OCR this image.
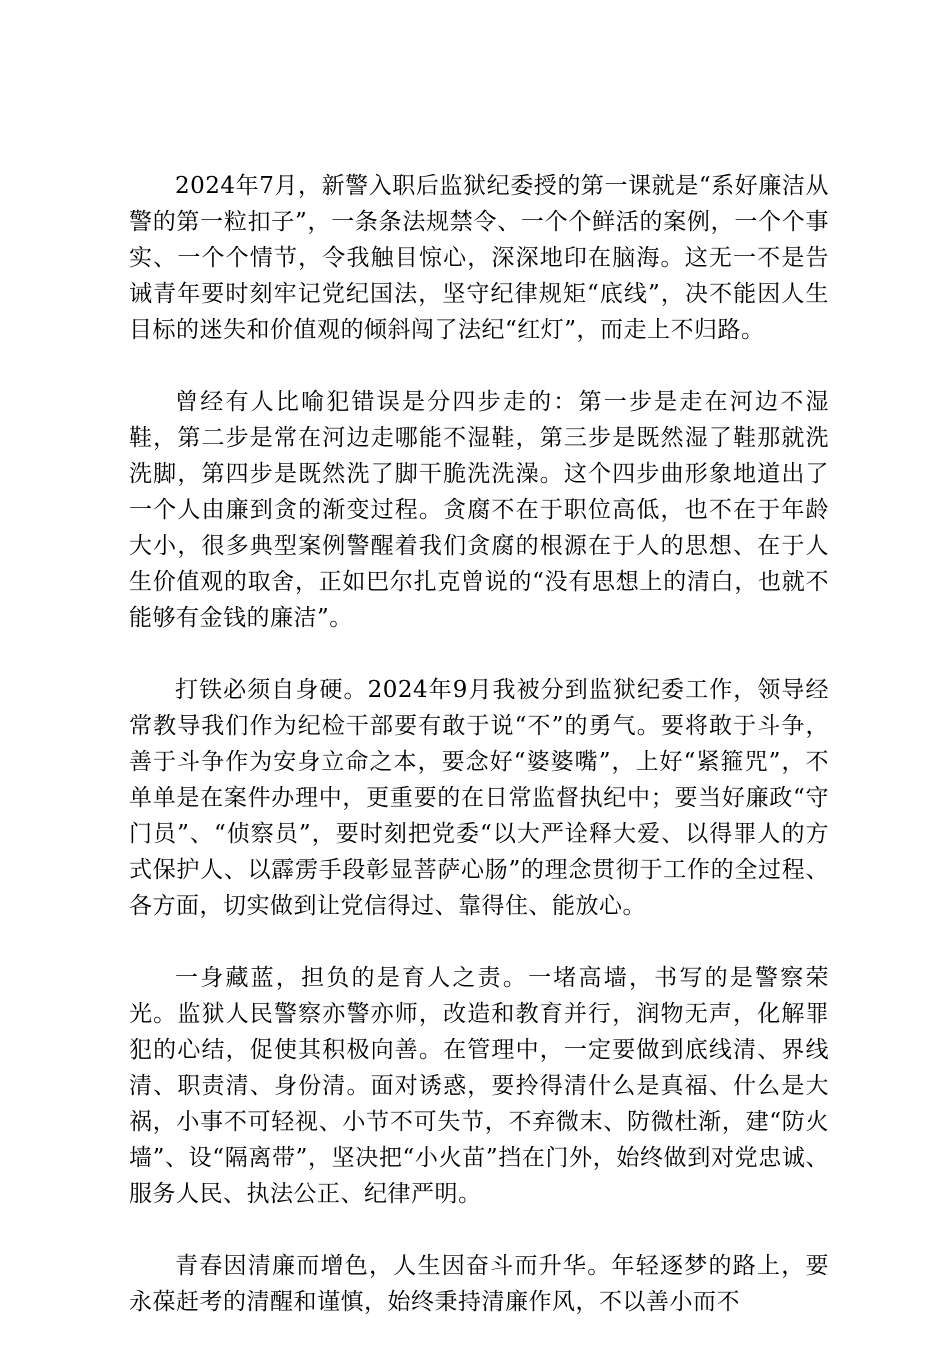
2024年7月，新警入职后监狱纪委授的第一课就是“系好廉洁从警的第一粒扣子”，一条条法规禁令、一个个鲜活的案例，一个个事实、一个个情节，令我触目惊心，深深地印在脑海。这无一不是告诫青年要时刻牢记党纪国法，坚守纪律规矩“底线”，决不能因人生目标的迷失和价值观的倾斜闯了法纪“红灯”，而走上不归路。

曾经有人比喻犯错误是分四步走的：第一步是走在河边不湿鞋，第二步是常在河边走哪能不湿鞋，第三步是既然湿了鞋那就洗洗脚，第四步是既然洗了脚干脆洗洗澡。这个四步曲形象地道出了一个人由廉到贪的渐变过程。贪腐不在于职位高低，也不在于年龄大小，很多典型案例警醒着我们贪腐的根源在于人的思想、在于人生价值观的取舍，正如巴尔扎克曾说的“没有思想上的清白，也就不能够有金钱的廉洁”。

打铁必须自身硬。2024年9月我被分到监狱纪委工作，领导经常教导我们作为纪检干部要有敢于说“不”的勇气。要将敢于斗争，善于斗争作为安身立命之本，要念好“婆婆嘴”，上好“紧箍咒”，不单单是在案件办理中，更重要的在日常监督执纪中；要当好廉政“守门员”、“侦察员”，要时刻把党委“以大严诠释大爱、以得罪人的方式保护人、以霹雳手段彰显菩萨心肠”的理念贯彻于工作的全过程、各方面，切实做到让党信得过、靠得住、能放心。

一身藏蓝，担负的是育人之责。一堵高墙，书写的是警察荣光。监狱人民警察亦警亦师，改造和教育并行，润物无声，化解罪犯的心结，促使其积极向善。在管理中，一定要做到底线清、界线清、职责清、身份清。面对诱惑，要拎得清什么是真福、什么是大祸，小事不可轻视、小节不可失节，不弃微末、防微杜渐，建“防火墙”、设“隔离带”，坚决把“小火苗”挡在门外，始终做到对党忠诚、服务人民、执法公正、纪律严明。

青春因清廉而增色，人生因奋斗而升华。年轻逐梦的路上，要永葆赶考的清醒和谨慎，始终秉持清廉作风，不以善小而不
